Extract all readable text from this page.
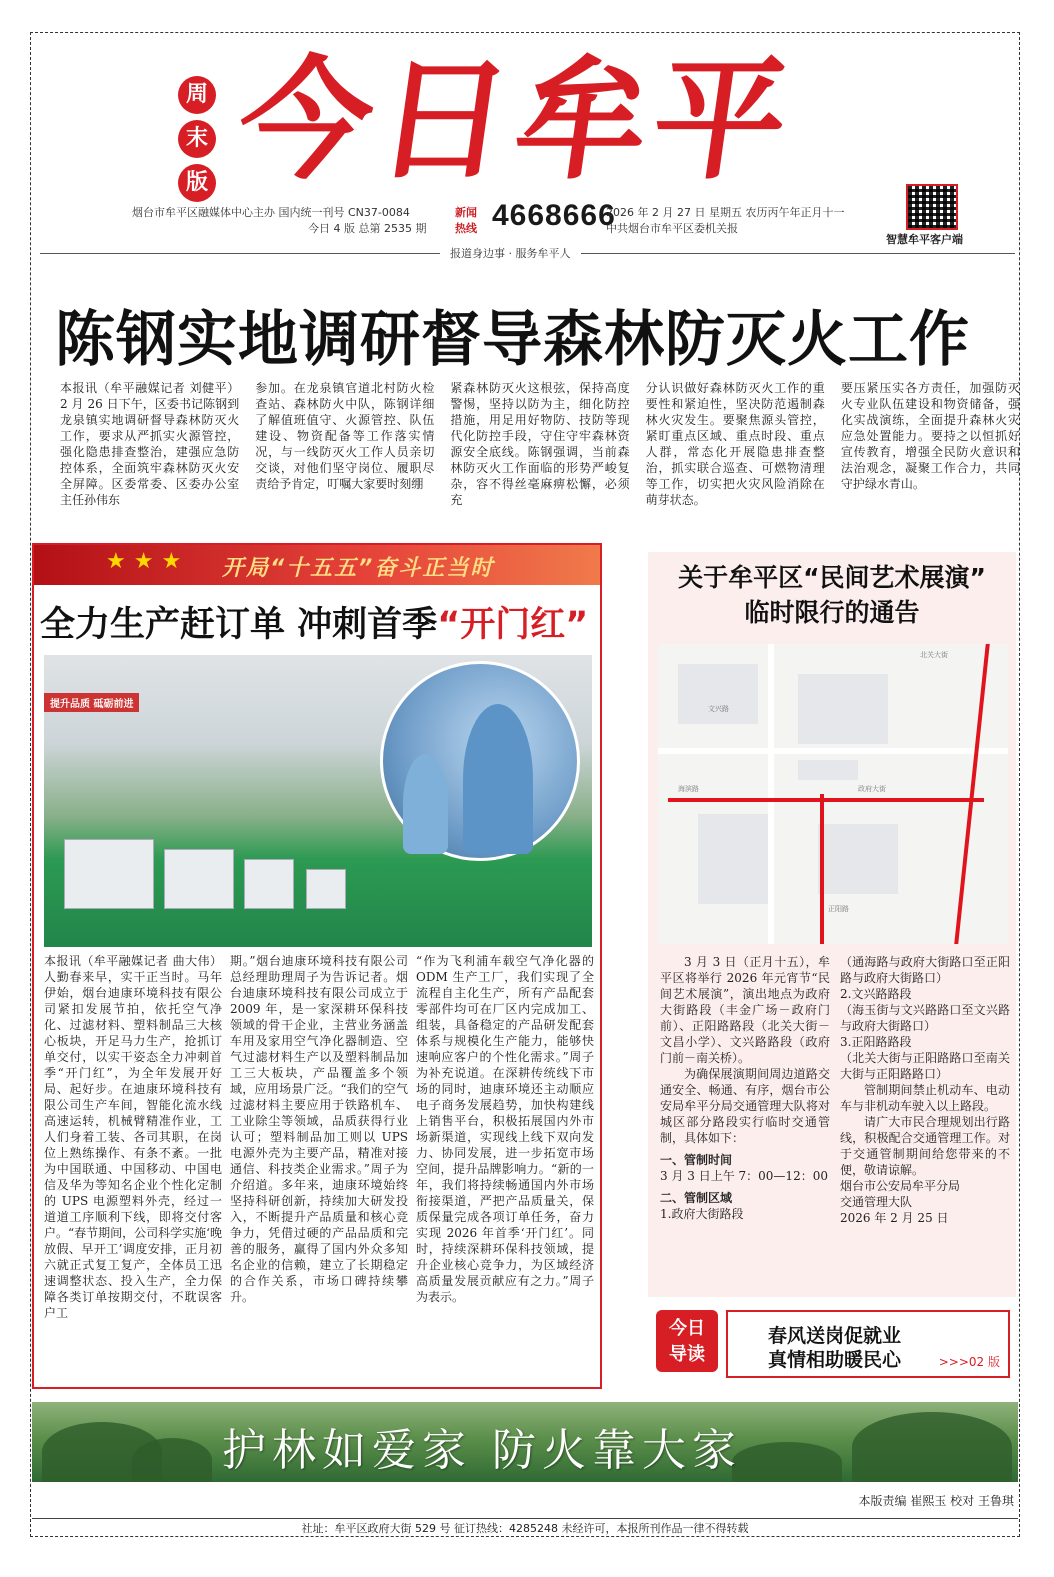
周
末
版 今日牟平
烟台市牟平区融媒体中心主办 国内统一刊号 CN37-0084
今日 4 版 总第 2535 期
新闻热线 4668666
2026 年 2 月 27 日 星期五 农历丙午年正月十一
中共烟台市牟平区委机关报
智慧牟平客户端
报道身边事 · 服务牟平人
陈钢实地调研督导森林防灭火工作
本报讯（牟平融媒记者 刘健平）2 月 26 日下午，区委书记陈钢到龙泉镇实地调研督导森林防灭火工作，要求从严抓实火源管控，强化隐患排查整治，建强应急防控体系，全面筑牢森林防灭火安全屏障。区委常委、区委办公室主任孙伟东
参加。在龙泉镇官道北村防火检查站、森林防火中队，陈钢详细了解值班值守、火源管控、队伍建设、物资配备等工作落实情况，与一线防灭火工作人员亲切交谈，对他们坚守岗位、履职尽责给予肯定，叮嘱大家要时刻绷
紧森林防灭火这根弦，保持高度警惕，坚持以防为主，细化防控措施，用足用好物防、技防等现代化防控手段，守住守牢森林资源安全底线。陈钢强调，当前森林防灭火工作面临的形势严峻复杂，容不得丝毫麻痹松懈，必须充
分认识做好森林防灭火工作的重要性和紧迫性，坚决防范遏制森林火灾发生。要聚焦源头管控，紧盯重点区域、重点时段、重点人群，常态化开展隐患排查整治，抓实联合巡查、可燃物清理等工作，切实把火灾风险消除在萌芽状态。
要压紧压实各方责任，加强防灭火专业队伍建设和物资储备，强化实战演练，全面提升森林火灾应急处置能力。要持之以恒抓好宣传教育，增强全民防火意识和法治观念，凝聚工作合力，共同守护绿水青山。
★★★ 开局“十五五”奋斗正当时
全力生产赶订单 冲刺首季“开门红”
提升品质 砥砺前进
本报讯（牟平融媒记者 曲大伟）人勤春来早，实干正当时。马年伊始，烟台迪康环境科技有限公司紧扣发展节拍，依托空气净化、过滤材料、塑料制品三大核心板块，开足马力生产，抢抓订单交付，以实干姿态全力冲刺首季“开门红”，为全年发展开好局、起好步。在迪康环境科技有限公司生产车间，智能化流水线高速运转，机械臂精准作业，工人们身着工装、各司其职，在岗位上熟练操作、有条不紊。一批为中国联通、中国移动、中国电信及华为等知名企业个性化定制的 UPS 电源塑料外壳，经过一道道工序顺利下线，即将交付客户。“春节期间，公司科学实施‘晚放假、早开工’调度安排，正月初六就正式复工复产，全体员工迅速调整状态、投入生产，全力保障各类订单按期交付，不耽误客户工
期。”烟台迪康环境科技有限公司总经理助理周子为告诉记者。烟台迪康环境科技有限公司成立于 2009 年，是一家深耕环保科技领域的骨干企业，主营业务涵盖车用及家用空气净化器制造、空气过滤材料生产以及塑料制品加工三大板块，产品覆盖多个领域，应用场景广泛。“我们的空气过滤材料主要应用于铁路机车、工业除尘等领域，品质获得行业认可；塑料制品加工则以 UPS 电源外壳为主要产品，精准对接通信、科技类企业需求。”周子为介绍道。多年来，迪康环境始终坚持科研创新，持续加大研发投入，不断提升产品质量和核心竞争力，凭借过硬的产品品质和完善的服务，赢得了国内外众多知名企业的信赖，建立了长期稳定的合作关系，市场口碑持续攀升。
“作为飞利浦车载空气净化器的 ODM 生产工厂，我们实现了全流程自主化生产，所有产品配套零部件均可在厂区内完成加工、组装，具备稳定的产品研发配套体系与规模化生产能力，能够快速响应客户的个性化需求。”周子为补充说道。在深耕传统线下市场的同时，迪康环境还主动顺应电子商务发展趋势，加快构建线上销售平台，积极拓展国内外市场新渠道，实现线上线下双向发力、协同发展，进一步拓宽市场空间，提升品牌影响力。“新的一年，我们将持续畅通国内外市场衔接渠道，严把产品质量关，保质保量完成各项订单任务，奋力实现 2026 年首季‘开门红’。同时，持续深耕环保科技领域，提升企业核心竞争力，为区域经济高质量发展贡献应有之力。”周子为表示。
关于牟平区“民间艺术展演”
临时限行的通告
北关大街
正阳路
文兴路
政府大街
海滨路

3 月 3 日（正月十五），牟平区将举行 2026 年元宵节“民间艺术展演”，演出地点为政府大街路段（丰金广场－政府门前）、正阳路路段（北关大街－文昌小学）、文兴路路段（政府门前－南关桥）。

为确保展演期间周边道路交通安全、畅通、有序，烟台市公安局牟平分局交通管理大队将对城区部分路段实行临时交通管制，具体如下：

一、管制时间

3 月 3 日上午 7：00—12：00

二、管制区域

1.政府大街路段

（通海路与政府大街路口至正阳路与政府大街路口）

2.文兴路路段

（海玉街与文兴路路口至文兴路与政府大街路口）

3.正阳路路段

（北关大街与正阳路路口至南关大街与正阳路路口）

管制期间禁止机动车、电动车与非机动车驶入以上路段。

请广大市民合理规划出行路线，积极配合交通管理工作。对于交通管制期间给您带来的不便，敬请谅解。

烟台市公安局牟平分局

交通管理大队

2026 年 2 月 25 日

今日
导读
春风送岗促就业
真情相助暖民心	>>>02 版
护林如爱家 防火靠大家
本版责编 崔熙玉 校对 王鲁琪
社址：牟平区政府大街 529 号 征订热线：4285248 未经许可，本报所刊作品一律不得转载
